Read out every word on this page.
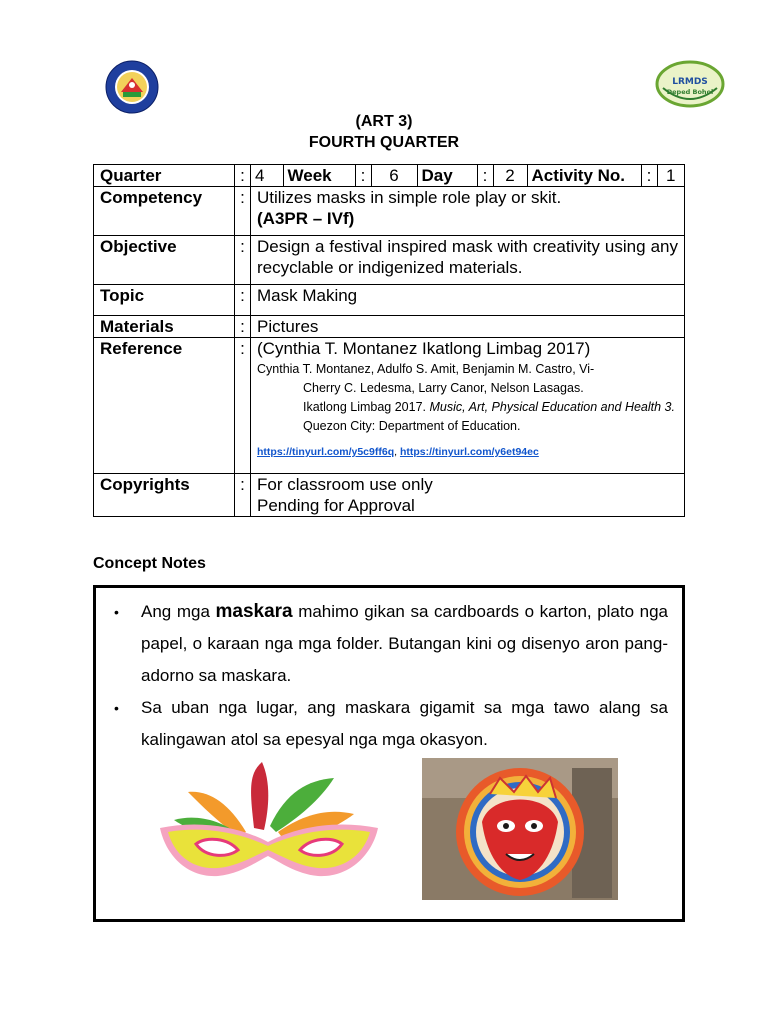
LRMDS
Deped Bohol
(ART 3)
FOURTH QUARTER
Quarter	:	4	Week	:	6	Day	:	2	Activity No.	:	1

Competency	:	Utilizes masks in simple role play or skit.
(A3PR – IVf)

Objective	:	Design a festival inspired mask with creativity using any recyclable or indigenized materials.
Topic	:	Mask Making
Materials	:	Pictures
Reference	:	(Cynthia T. Montanez Ikatlong Limbag 2017)
Cynthia T. Montanez, Adulfo S. Amit, Benjamin M. Castro, Vi-
Cherry C. Ledesma, Larry Canor, Nelson Lasagas.
Ikatlong Limbag 2017. Music, Art, Physical Education and Health 3. Quezon City: Department of Education.
https://tinyurl.com/y5c9ff6q, https://tinyurl.com/y6et94ec

Copyrights	:	For classroom use only
Pending for Approval
Concept Notes
• Ang mga maskara mahimo gikan sa cardboards o karton, plato nga papel, o karaan nga mga folder. Butangan kini og disenyo aron pang-adorno sa maskara.
• Sa uban nga lugar, ang maskara gigamit sa mga tawo alang sa kalingawan atol sa epesyal nga mga okasyon.
